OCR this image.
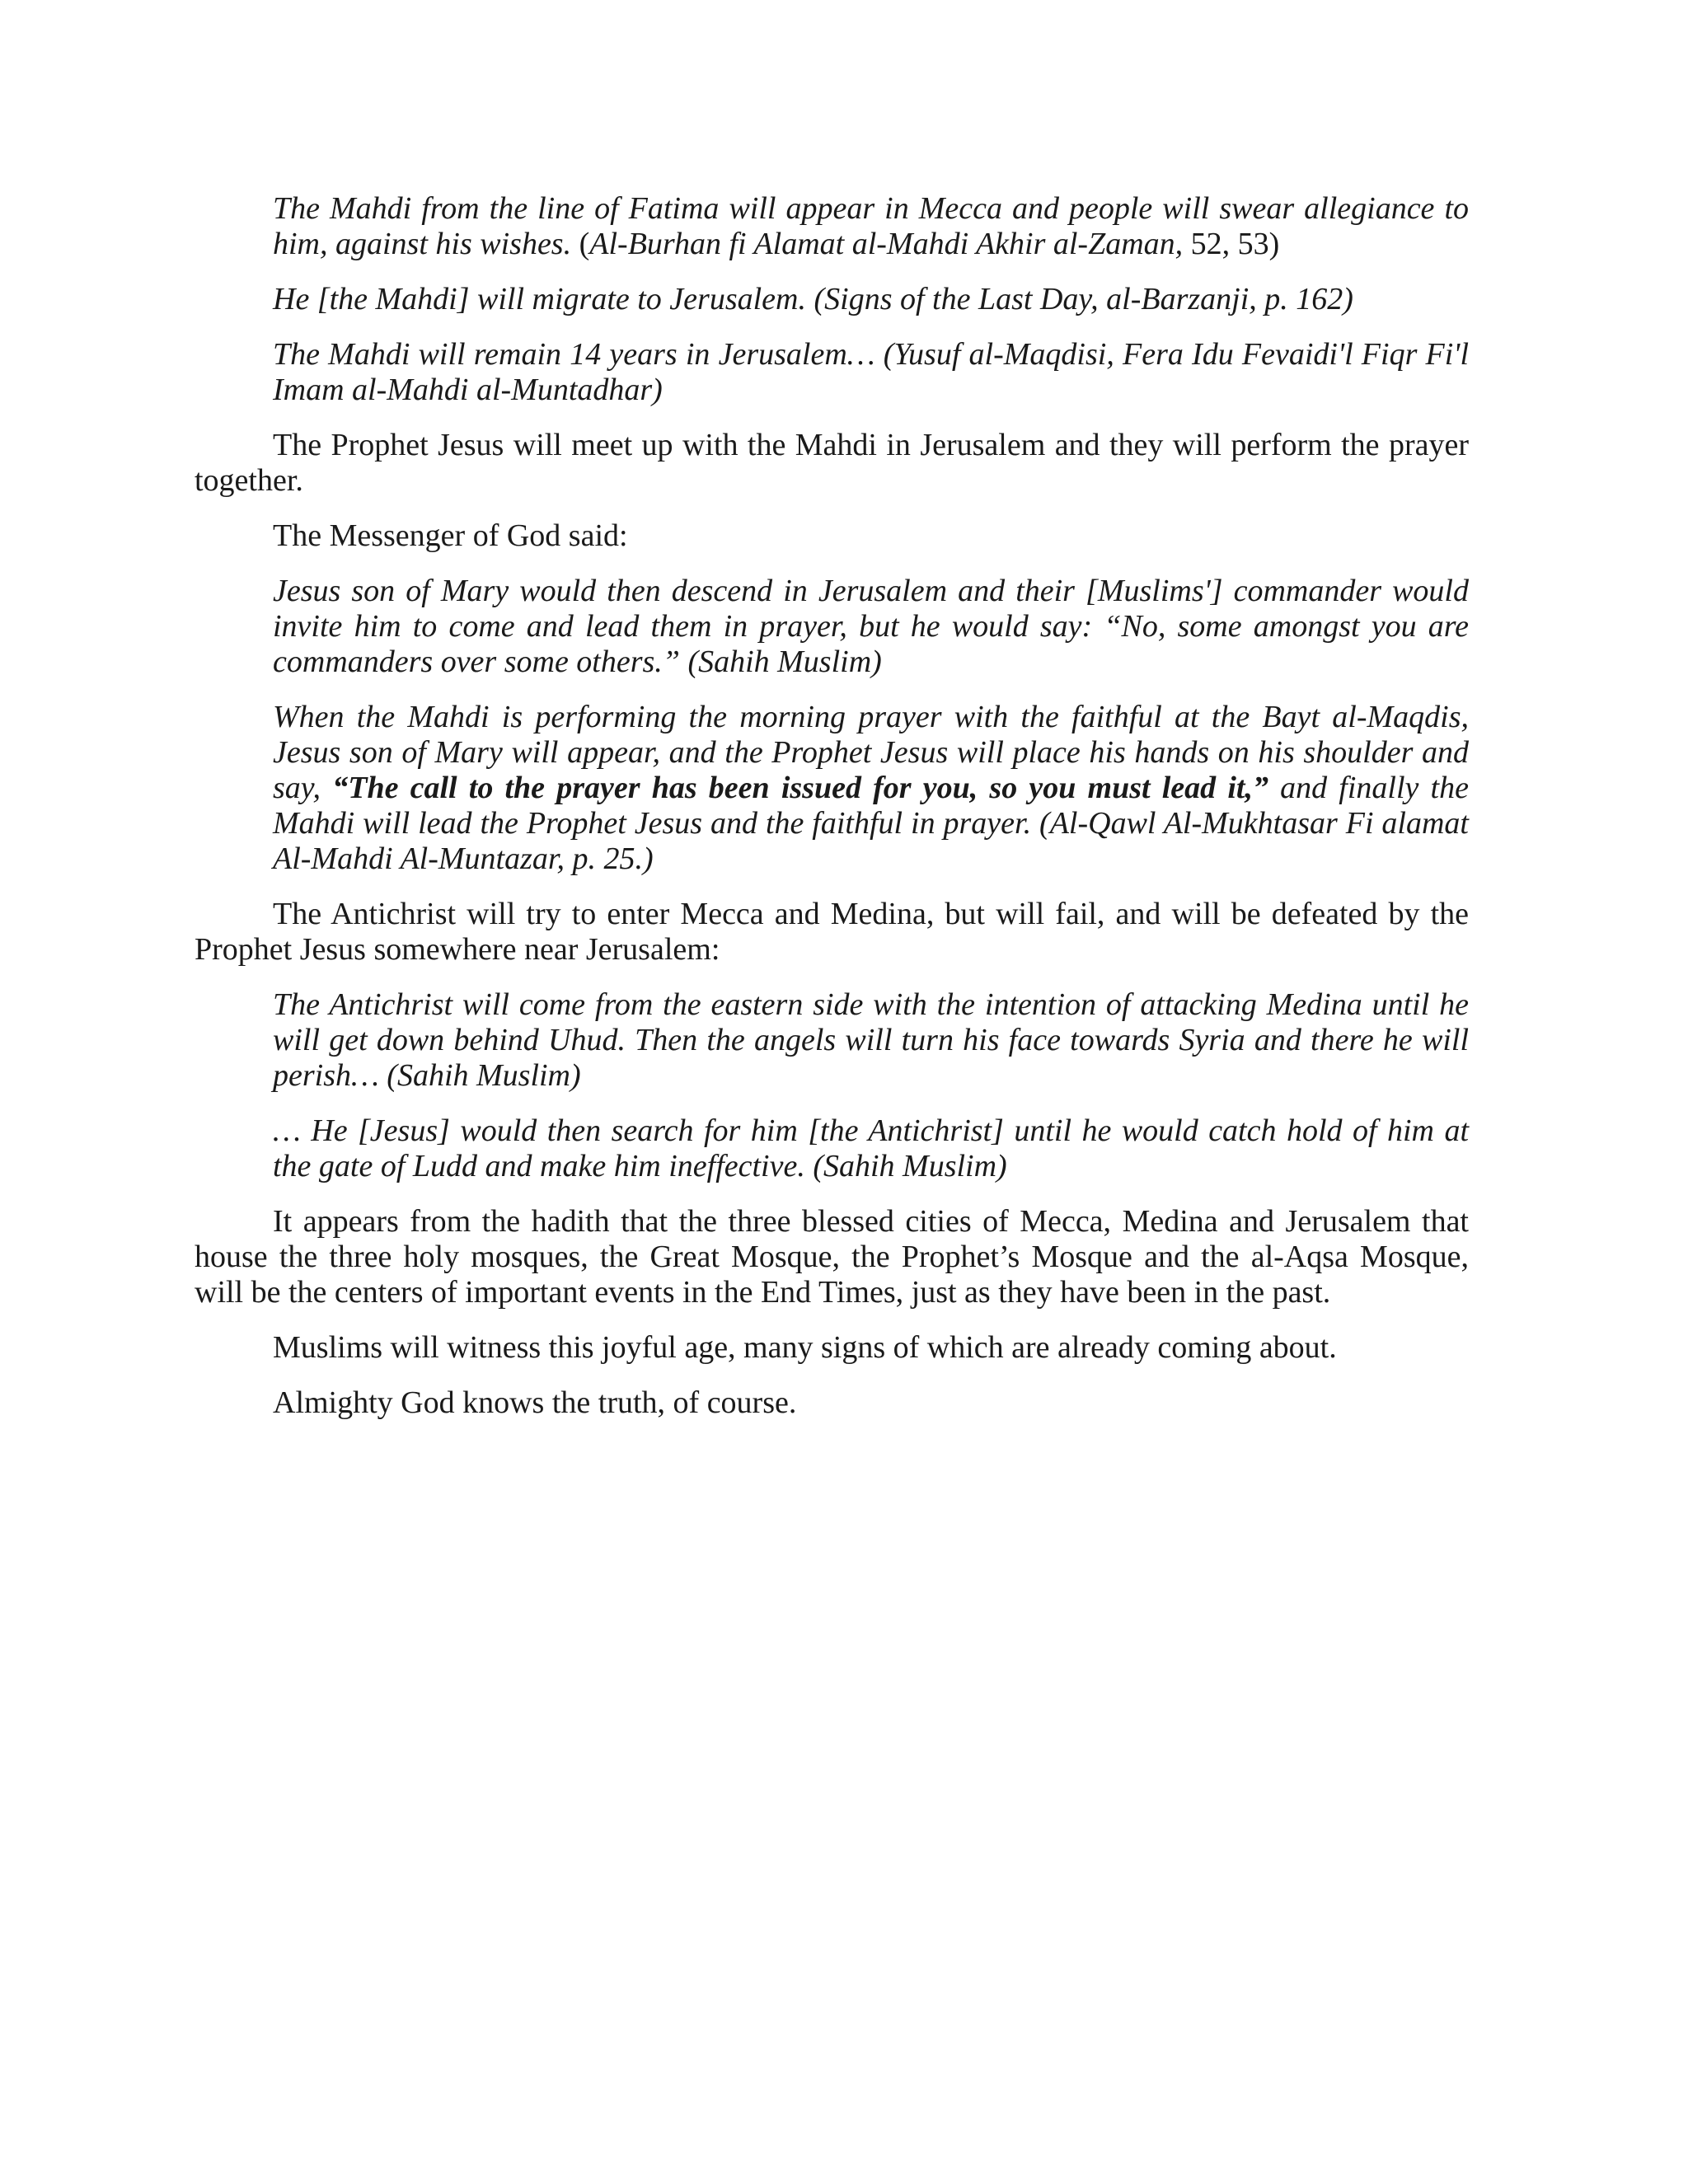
The Mahdi from the line of Fatima will appear in Mecca and people will swear allegiance to him, against his wishes. (Al-Burhan fi Alamat al-Mahdi Akhir al-Zaman, 52, 53)

He [the Mahdi] will migrate to Jerusalem. (Signs of the Last Day, al-Barzanji, p. 162)

The Mahdi will remain 14 years in Jerusalem… (Yusuf al-Maqdisi, Fera Idu Fevaidi'l Fiqr Fi'l Imam al-Mahdi al-Muntadhar)

The Prophet Jesus will meet up with the Mahdi in Jerusalem and they will perform the prayer together.

The Messenger of God said:

Jesus son of Mary would then descend in Jerusalem and their [Muslims'] commander would invite him to come and lead them in prayer, but he would say: “No, some amongst you are commanders over some others.” (Sahih Muslim)

When the Mahdi is performing the morning prayer with the faithful at the Bayt al-Maqdis, Jesus son of Mary will appear, and the Prophet Jesus will place his hands on his shoulder and say, “The call to the prayer has been issued for you, so you must lead it,” and finally the Mahdi will lead the Prophet Jesus and the faithful in prayer. (Al-Qawl Al-Mukhtasar Fi alamat Al-Mahdi Al-Muntazar, p. 25.)

The Antichrist will try to enter Mecca and Medina, but will fail, and will be defeated by the Prophet Jesus somewhere near Jerusalem:

The Antichrist will come from the eastern side with the intention of attacking Medina until he will get down behind Uhud. Then the angels will turn his face towards Syria and there he will perish… (Sahih Muslim)

… He [Jesus] would then search for him [the Antichrist] until he would catch hold of him at the gate of Ludd and make him ineffective. (Sahih Muslim)

It appears from the hadith that the three blessed cities of Mecca, Medina and Jerusalem that house the three holy mosques, the Great Mosque, the Prophet’s Mosque and the al-Aqsa Mosque, will be the centers of important events in the End Times, just as they have been in the past.

Muslims will witness this joyful age, many signs of which are already coming about.

Almighty God knows the truth, of course.
